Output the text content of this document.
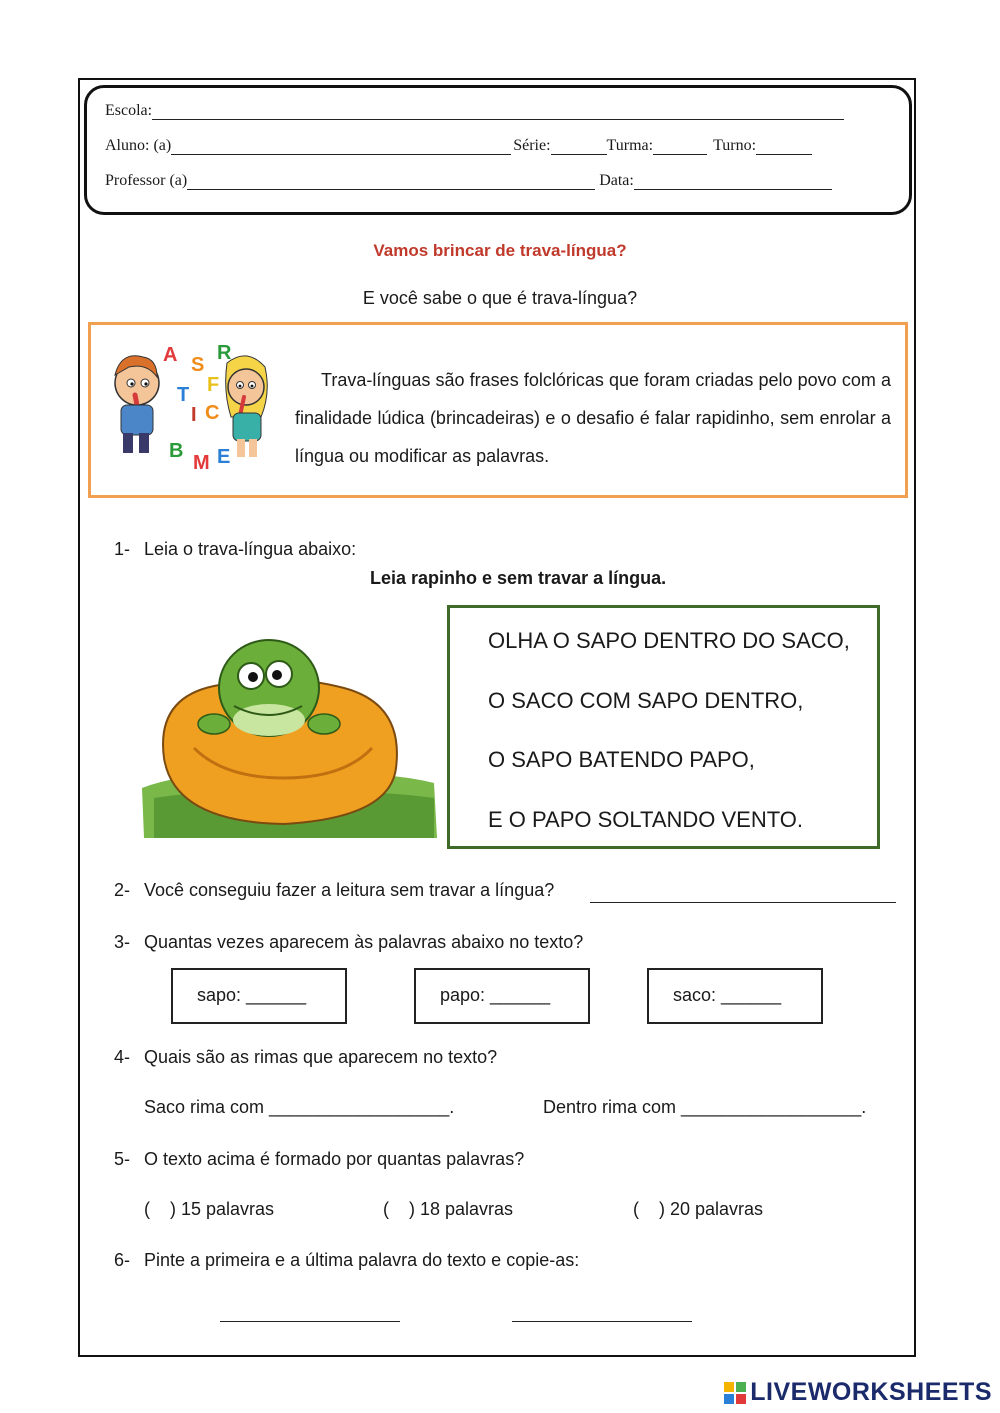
Escola:
Aluno: (a)	Série:	Turma:	Turno:
Professor (a)	Data:
Vamos brincar de trava-língua?
E você sabe o que é trava-língua?
A S
R
F
T
I C
B
M E
Trava-línguas são frases folclóricas que foram criadas pelo povo com a finalidade lúdica (brincadeiras) e o desafio é falar rapidinho, sem enrolar a língua ou modificar as palavras.
1- Leia o trava-língua abaixo:
Leia rapinho e sem travar a língua.
OLHA O SAPO DENTRO DO SACO,
O SACO COM SAPO DENTRO,
O SAPO BATENDO PAPO,
E O PAPO SOLTANDO VENTO.
2- Você conseguiu fazer a leitura sem travar a língua?
3- Quantas vezes aparecem às palavras abaixo no texto?
sapo: ______	papo: ______	saco: ______
4- Quais são as rimas que aparecem no texto?
Saco rima com __________________.	Dentro rima com __________________.
5- O texto acima é formado por quantas palavras?
(    ) 15 palavras	(    ) 18 palavras	(    ) 20 palavras
6- Pinte a primeira e a última palavra do texto e copie-as:
LIVEWORKSHEETS
